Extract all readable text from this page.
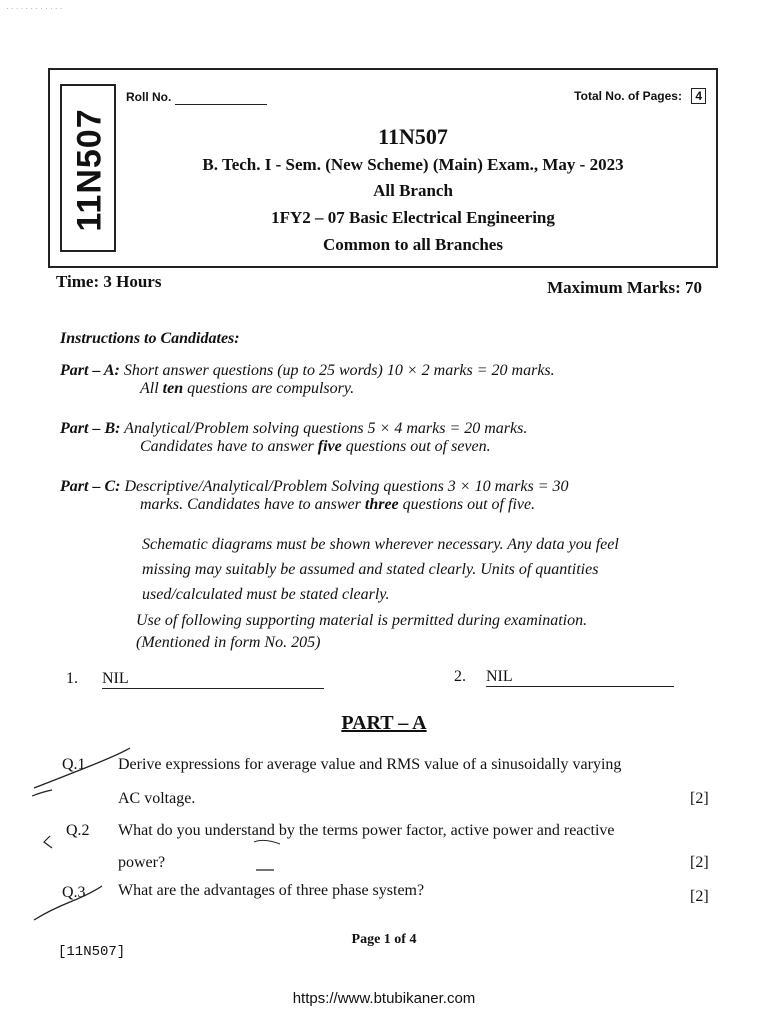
· · · · · · · · · · · ·
11N507
Roll No.	Total No. of Pages: 4
11N507
B. Tech. I - Sem. (New Scheme) (Main) Exam., May - 2023
All Branch
1FY2 – 07 Basic Electrical Engineering
Common to all Branches
Time: 3 Hours	Maximum Marks: 70
Instructions to Candidates:
Part – A: Short answer questions (up to 25 words) 10 × 2 marks = 20 marks.
All ten questions are compulsory.
Part – B: Analytical/Problem solving questions 5 × 4 marks = 20 marks.
Candidates have to answer five questions out of seven.
Part – C: Descriptive/Analytical/Problem Solving questions 3 × 10 marks = 30
marks. Candidates have to answer three questions out of five.
Schematic diagrams must be shown wherever necessary. Any data you feel
missing may suitably be assumed and stated clearly. Units of quantities
used/calculated must be stated clearly.
Use of following supporting material is permitted during examination.
(Mentioned in form No. 205)
1. NIL	2. NIL
PART – A
Q.1 Derive expressions for average value and RMS value of a sinusoidally varying
AC voltage.	[2]
Q.2 What do you understand by the terms power factor, active power and reactive
power?	[2]
Q.3 What are the advantages of three phase system?	[2]
[11N507]
Page 1 of 4
https://www.btubikaner.com
